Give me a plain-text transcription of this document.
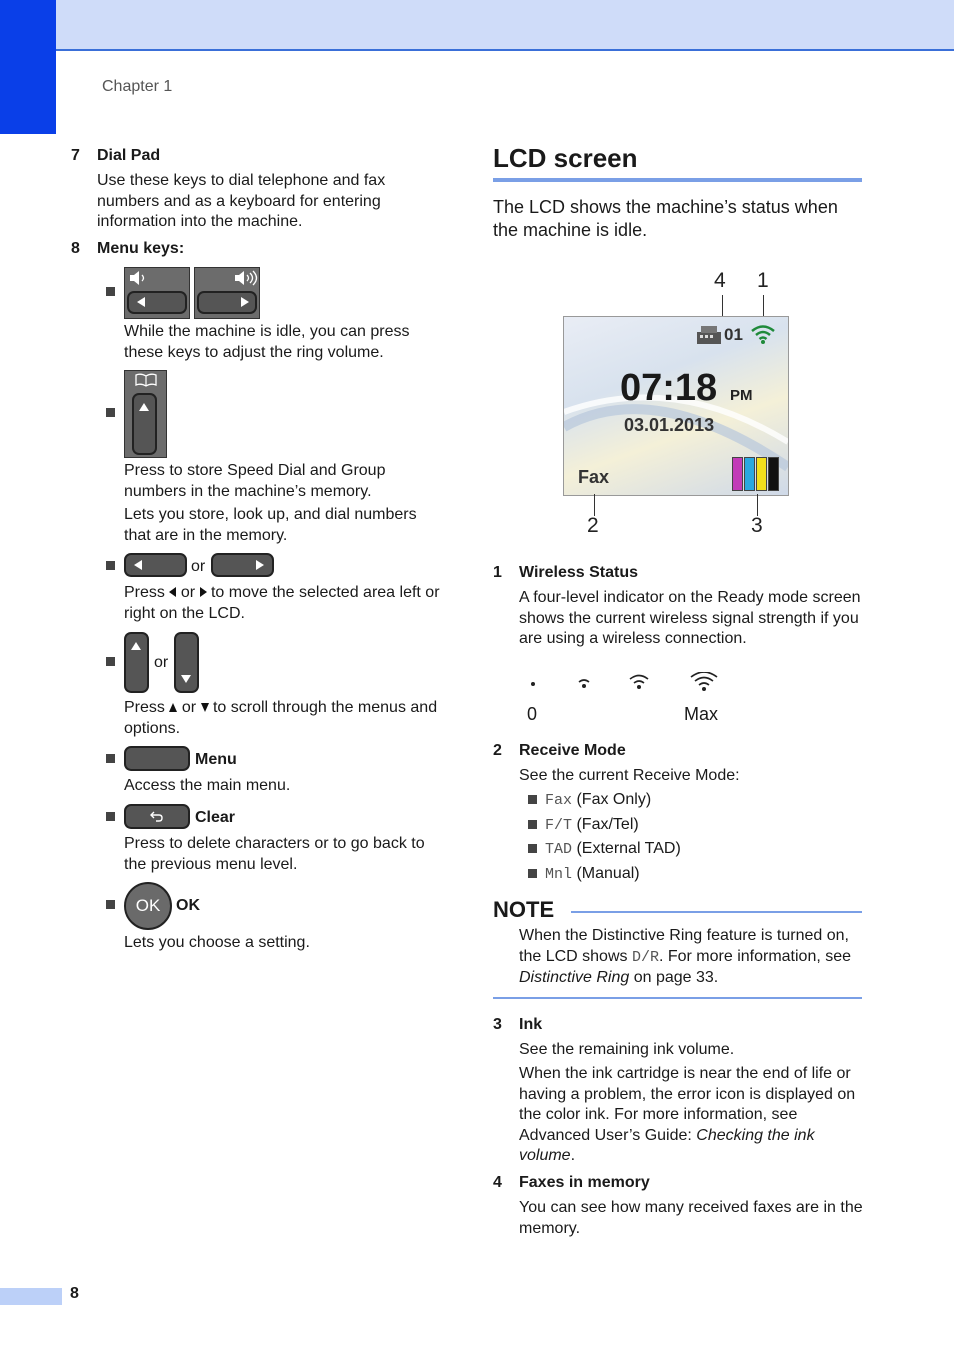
Chapter 1
7 Dial Pad
Use these keys to dial telephone and fax numbers and as a keyboard for entering information into the machine.
8 Menu keys:
While the machine is idle, you can press these keys to adjust the ring volume.
Press to store Speed Dial and Group numbers in the machine’s memory.
Lets you store, look up, and dial numbers that are in the memory.
or
Press or to move the selected area left or right on the LCD.
or
Press or to scroll through the menus and options.
Menu
Access the main menu.
Clear
Press to delete characters or to go back to the previous menu level.
OK OK
Lets you choose a setting.
LCD screen
The LCD shows the machine’s status when the machine is idle.
4 1
01
07:18 PM
03.01.2013
Fax
2	3
1 Wireless Status
A four-level indicator on the Ready mode screen shows the current wireless signal strength if you are using a wireless connection.
0	Max
2 Receive Mode
See the current Receive Mode:
Fax (Fax Only)
F/T (Fax/Tel)
TAD (External TAD)
Mnl (Manual)
NOTE
When the Distinctive Ring feature is turned on, the LCD shows D/R. For more information, see Distinctive Ring on page 33.
3 Ink
See the remaining ink volume.
When the ink cartridge is near the end of life or having a problem, the error icon is displayed on the color ink. For more information, see Advanced User’s Guide: Checking the ink volume.
4 Faxes in memory
You can see how many received faxes are in the memory.
8
